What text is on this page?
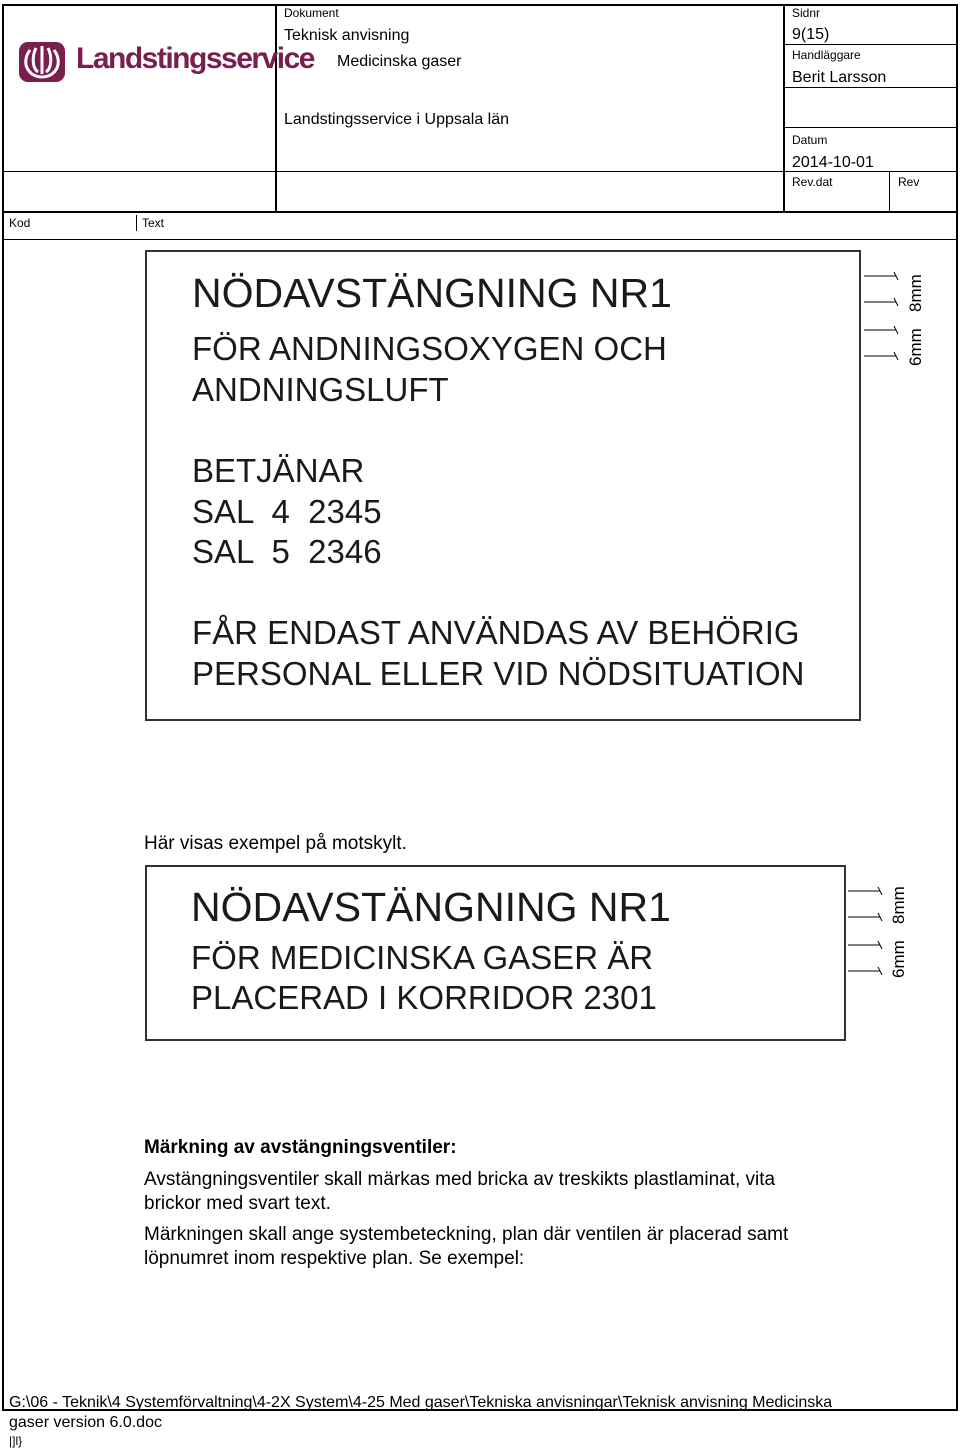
Landstingsservice
Dokument
Teknisk anvisning
Medicinska gaser
Landstingsservice i Uppsala län
Sidnr
9(15)
Handläggare
Berit Larsson
Datum
2014-10-01
Rev.dat	Rev
Kod	Text
NÖDAVSTÄNGNING NR1
FÖR ANDNINGSOXYGEN OCH
ANDNINGSLUFT
BETJÄNAR
SAL  4  2345
SAL  5  2346
FÅR ENDAST ANVÄNDAS AV BEHÖRIG
PERSONAL ELLER VID NÖDSITUATION
8mm
6mm
Här visas exempel på motskylt.
NÖDAVSTÄNGNING NR1
FÖR MEDICINSKA GASER ÄR
PLACERAD I KORRIDOR 2301
8mm
6mm
Märkning av avstängningsventiler:
Avstängningsventiler skall märkas med bricka av treskikts plastlaminat, vita
brickor med svart text.
Märkningen skall ange systembeteckning, plan där ventilen är placerad samt
löpnumret inom respektive plan. Se exempel:
G:\06 - Teknik\4 Systemförvaltning\4-2X System\4-25 Med gaser\Tekniska anvisningar\Teknisk anvisning Medicinska
gaser version 6.0.doc
|]l}
